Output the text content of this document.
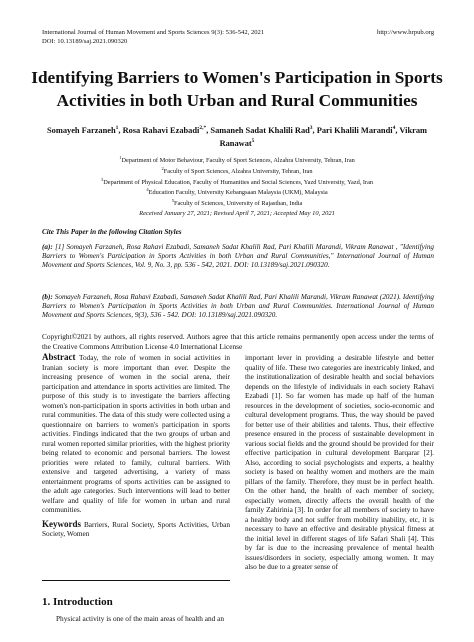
International Journal of Human Movement and Sports Sciences 9(3): 536-542, 2021
DOI: 10.13189/saj.2021.090320
http://www.hrpub.org
Identifying Barriers to Women's Participation in Sports Activities in both Urban and Rural Communities
Somayeh Farzaneh$^1$, Rosa Rahavi Ezabadi$^{2,*}$, Samaneh Sadat Khalili Rad$^3$, Pari Khalili Marandi$^4$, Vikram Ranawat$^5$
$^1$Department of Motor Behaviour, Faculty of Sport Sciences, Alzahra University, Tehran, Iran
$^2$Faculty of Sport Sciences, Alzahra University, Tehran, Iran
$^3$Department of Physical Education, Faculty of Humanities and Social Sciences, Yazd University, Yazd, Iran
$^4$Education Faculty, University Kebangsaan Malaysia (UKM), Malaysia
$^5$Faculty of Sciences, University of Rajasthan, India
Received January 27, 2021; Revised April 7, 2021; Accepted May 10, 2021
Cite This Paper in the following Citation Styles
(a): [1] Somayeh Farzaneh, Rosa Rahavi Ezabadi, Samaneh Sadat Khalili Rad, Pari Khalili Marandi, Vikram Ranawat , "Identifying Barriers to Women's Participation in Sports Activities in both Urban and Rural Communities," International Journal of Human Movement and Sports Sciences, Vol. 9, No. 3, pp. 536 - 542, 2021. DOI: 10.13189/saj.2021.090320.
(b): Somayeh Farzaneh, Rosa Rahavi Ezabadi, Samaneh Sadat Khalili Rad, Pari Khalili Marandi, Vikram Ranawat (2021). Identifying Barriers to Women's Participation in Sports Activities in both Urban and Rural Communities. International Journal of Human Movement and Sports Sciences, 9(3), 536 - 542. DOI: 10.13189/saj.2021.090320.
Copyright©2021 by authors, all rights reserved. Authors agree that this article remains permanently open access under the terms of the Creative Commons Attribution License 4.0 International License
Abstract Today, the role of women in social activities in Iranian society is more important than ever. Despite the increasing presence of women in the social arena, their participation and attendance in sports activities are limited. The purpose of this study is to investigate the barriers affecting women's non-participation in sports activities in both urban and rural communities. The data of this study were collected using a questionnaire on barriers to women's participation in sports activities. Findings indicated that the two groups of urban and rural women reported similar priorities, with the highest priority being related to economic and personal barriers. The lowest priorities were related to family, cultural barriers. With extensive and targeted advertising, a variety of mass entertainment programs of sports activities can be assigned to the adult age categories. Such interventions will lead to better welfare and quality of life for women in urban and rural communities.
Keywords Barriers, Rural Society, Sports Activities, Urban Society, Women
1. Introduction
Physical activity is one of the main areas of health and an
important lever in providing a desirable lifestyle and better quality of life. These two categories are inextricably linked, and the institutionalization of desirable health and social behaviors depends on the lifestyle of individuals in each society Rahavi Ezabadi [1]. So far women has made up half of the human resources in the development of societies, socio-economic and cultural development programs. Thus, the way should be paved for better use of their abilities and talents. Thus, their effective presence ensured in the process of sustainable development in various social fields and the ground should be provided for their effective participation in cultural development Barqarar [2]. Also, according to social psychologists and experts, a healthy society is based on healthy women and mothers are the main pillars of the family. Therefore, they must be in perfect health. On the other hand, the health of each member of society, especially women, directly affects the overall health of the family Zahirinia [3]. In order for all members of society to have a healthy body and not suffer from mobility inability, etc, it is necessary to have an effective and desirable physical fitness at the initial level in different stages of life Safari Shali [4]. This by far is due to the increasing prevalence of mental health issues/disorders in society, especially among women. It may also be due to a greater sense of
